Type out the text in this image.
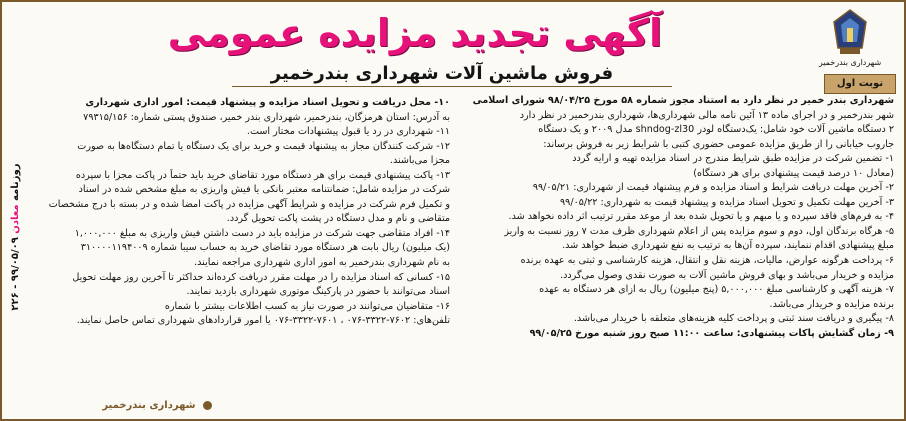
آگهی تجدید مزایده عمومی
شهرداری بندرخمیر
نوبت اول
فروش ماشین آلات شهرداری بندرخمیر

شهرداری بندر خمیر در نظر دارد به استناد مجوز شماره ۵۸ مورخ ۹۸/۰۴/۲۵ شورای اسلامی

شهر بندرخمیر و در اجرای ماده ۱۳ آئین نامه مالی شهرداری‌ها، شهرداری بندرخمیر در نظر دارد

۲ دستگاه ماشین آلات خود شامل: یک‌دستگاه لودر shndog-zl30 مدل ۲۰۰۹ و یک دستگاه

جاروب خیابانی را از طریق مزایده عمومی حضوری کتبی با شرایط زیر به فروش برساند:

۱- تضمین شرکت در مزایده طبق شرایط مندرج در اسناد مزایده تهیه و ارایه گردد

(معادل ۱۰ درصد قیمت پیشنهادی برای هر دستگاه)

۲- آخرین مهلت دریافت شرایط و اسناد مزایده و فرم پیشنهاد قیمت از شهرداری: ۹۹/۰۵/۲۱

۳- آخرین مهلت تکمیل و تحویل اسناد مزایده و پیشنهاد قیمت به شهرداری: ۹۹/۰۵/۲۲

۴- به فرم‌های فاقد سپرده و یا مبهم و یا تحویل شده بعد از موعد مقرر ترتیب اثر داده نخواهد شد.

۵- هرگاه برندگان اول، دوم و سوم مزایده پس از اعلام شهرداری ظرف مدت ۷ روز نسبت به واریز

مبلغ پیشنهادی اقدام ننمایند، سپرده آن‌ها به ترتیب به نفع شهرداری ضبط خواهد شد.

۶- پرداخت هرگونه عوارض، مالیات، هزینه نقل و انتقال، هزینه کارشناسی و ثبتی به عهده برنده

مزایده و خریدار می‌باشد و بهای فروش ماشین آلات به صورت نقدی وصول می‌گردد.

۷- هزینه آگهی و کارشناسی مبلغ ۵,۰۰۰,۰۰۰ (پنج میلیون) ریال به ازای هر دستگاه به عهده

برنده مزایده و خریدار می‌باشد.

۸- پیگیری و دریافت سند ثبتی و پرداخت کلیه هزینه‌های متعلقه با خریدار می‌باشد.

۹- زمان گشایش پاکات پیشنهادی: ساعت ۱۱:۰۰ صبح روز شنبه مورخ ۹۹/۰۵/۲۵

۱۰- محل دریافت و تحویل اسناد مزایده و پیشنهاد قیمت: امور اداری شهرداری

به آدرس: استان هرمزگان، بندرخمیر، شهرداری بندر خمیر، صندوق پستی شماره: ۷۹۳۱۵/۱۵۶

۱۱- شهرداری در رد یا قبول پیشنهادات مختار است.

۱۲- شرکت کنندگان مجاز به پیشنهاد قیمت و خرید برای یک دستگاه یا تمام دستگاه‌ها به صورت

مجزا می‌باشند.

۱۳- پاکت پیشنهادی قیمت برای هر دستگاه مورد تقاضای خرید باید حتماً در پاکت مجزا با سپرده

شرکت در مزایده شامل: ضمانتنامه معتبر بانکی یا فیش واریزی به مبلغ مشخص شده در اسناد

و تکمیل فرم شرکت در مزایده و شرایط آگهی مزایده در پاکت امضا شده و در بسته با درج مشخصات

متقاضی و نام و مدل دستگاه در پشت پاکت تحویل گردد.

۱۴- افراد متقاضی جهت شرکت در مزایده باید در دست داشتن فیش واریزی به مبلغ ۱,۰۰۰,۰۰۰

(یک میلیون) ریال بابت هر دستگاه مورد تقاضای خرید به حساب سیبا شماره ۳۱۰۰۰۰۱۱۹۴۰۰۹

به نام شهرداری بندرخمیر به امور اداری شهرداری مراجعه نمایند.

۱۵- کسانی که اسناد مزایده را در مهلت مقرر دریافت کرده‌اند حداکثر تا آخرین روز مهلت تحویل

اسناد می‌توانند با حضور در پارکینگ موتوری شهرداری بازدید نمایند.

۱۶- متقاضیان می‌توانند در صورت نیاز به کسب اطلاعات بیشتر با شماره

تلفن‌های: ۷۶۰۲-۳۳۲۲-۰۷۶ ، ۷۶۰۱-۳۳۲۲-۰۷۶ یا امور قراردادهای شهرداری تماس حاصل نمایند.

روزنامه معادن ۹۹/۰۵/۰۹ - ۲۲۶
شهرداری بندرخمیر
